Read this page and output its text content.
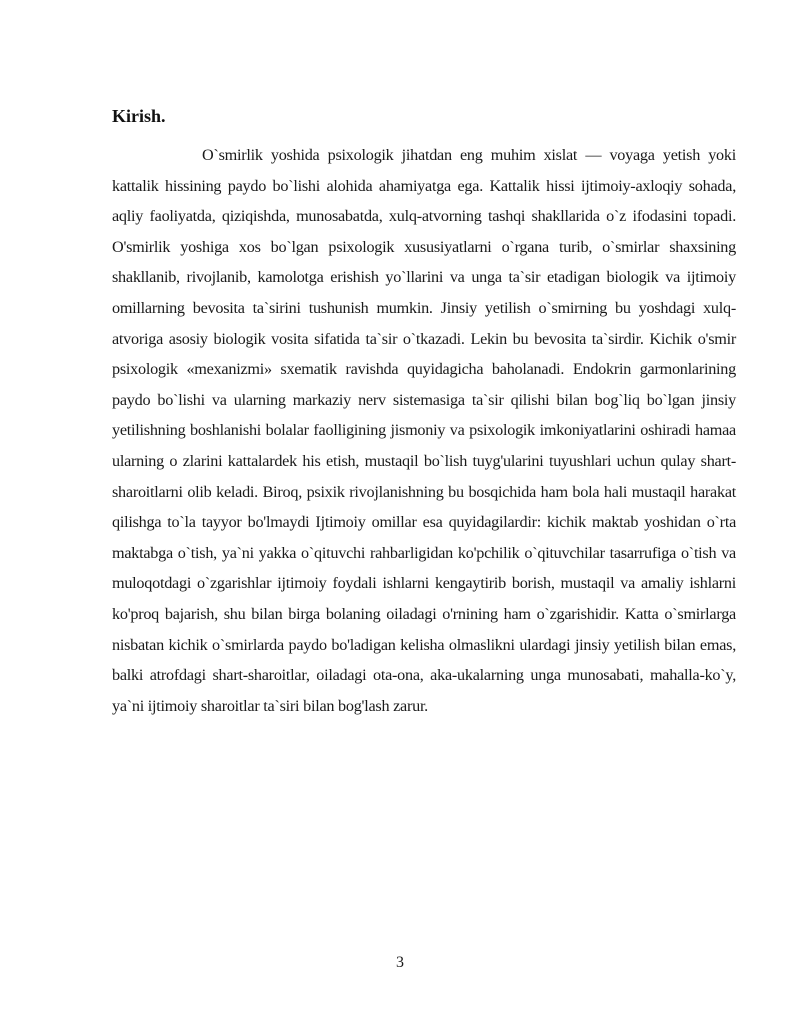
Kirish.

O`smirlik yoshida psixologik jihatdan eng muhim xislat — voyaga yetish yoki kattalik hissining paydo bo`lishi alohida ahamiyatga ega. Kattalik hissi ijtimoiy-axloqiy sohada, aqliy faoliyatda, qiziqishda, munosabatda, xulq-atvorning tashqi shakllarida o`z ifodasini topadi. O'smirlik yoshiga xos bo`lgan psixologik xususiyatlarni o`rgana turib, o`smirlar shaxsining shakllanib, rivojlanib, kamolotga erishish yo`llarini va unga ta`sir etadigan biologik va ijtimoiy omillarning bevosita ta`sirini tushunish mumkin. Jinsiy yetilish o`smirning bu yoshdagi xulq-atvoriga asosiy biologik vosita sifatida ta`sir o`tkazadi. Lekin bu bevosita ta`sirdir. Kichik o'smir psixologik «mexanizmi» sxematik ravishda quyidagicha baholanadi. Endokrin garmonlarining paydo bo`lishi va ularning markaziy nerv sistemasiga ta`sir qilishi bilan bog`liq bo`lgan jinsiy yetilishning boshlanishi bolalar faolligining jismoniy va psixologik imkoniyatlarini oshiradi hamaa ularning o zlarini kattalardek his etish, mustaqil bo`lish tuyg'ularini tuyushlari uchun qulay shart-sharoitlarni olib keladi. Biroq, psixik rivojlanishning bu bosqichida ham bola hali mustaqil harakat qilishga to`la tayyor bo'lmaydi Ijtimoiy omillar esa quyidagilardir: kichik maktab yoshidan o`rta maktabga o`tish, ya`ni yakka o`qituvchi rahbarligidan ko'pchilik o`qituvchilar tasarrufiga o`tish va muloqotdagi o`zgarishlar ijtimoiy foydali ishlarni kengaytirib borish, mustaqil va amaliy ishlarni ko'proq bajarish, shu bilan birga bolaning oiladagi o'rnining ham o`zgarishidir. Katta o`smirlarga nisbatan kichik o`smirlarda paydo bo'ladigan kelisha olmaslikni ulardagi jinsiy yetilish bilan emas, balki atrofdagi shart-sharoitlar, oiladagi ota-ona, aka-ukalarning unga munosabati, mahalla-ko`y, ya`ni ijtimoiy sharoitlar ta`siri bilan bog'lash zarur.

3
